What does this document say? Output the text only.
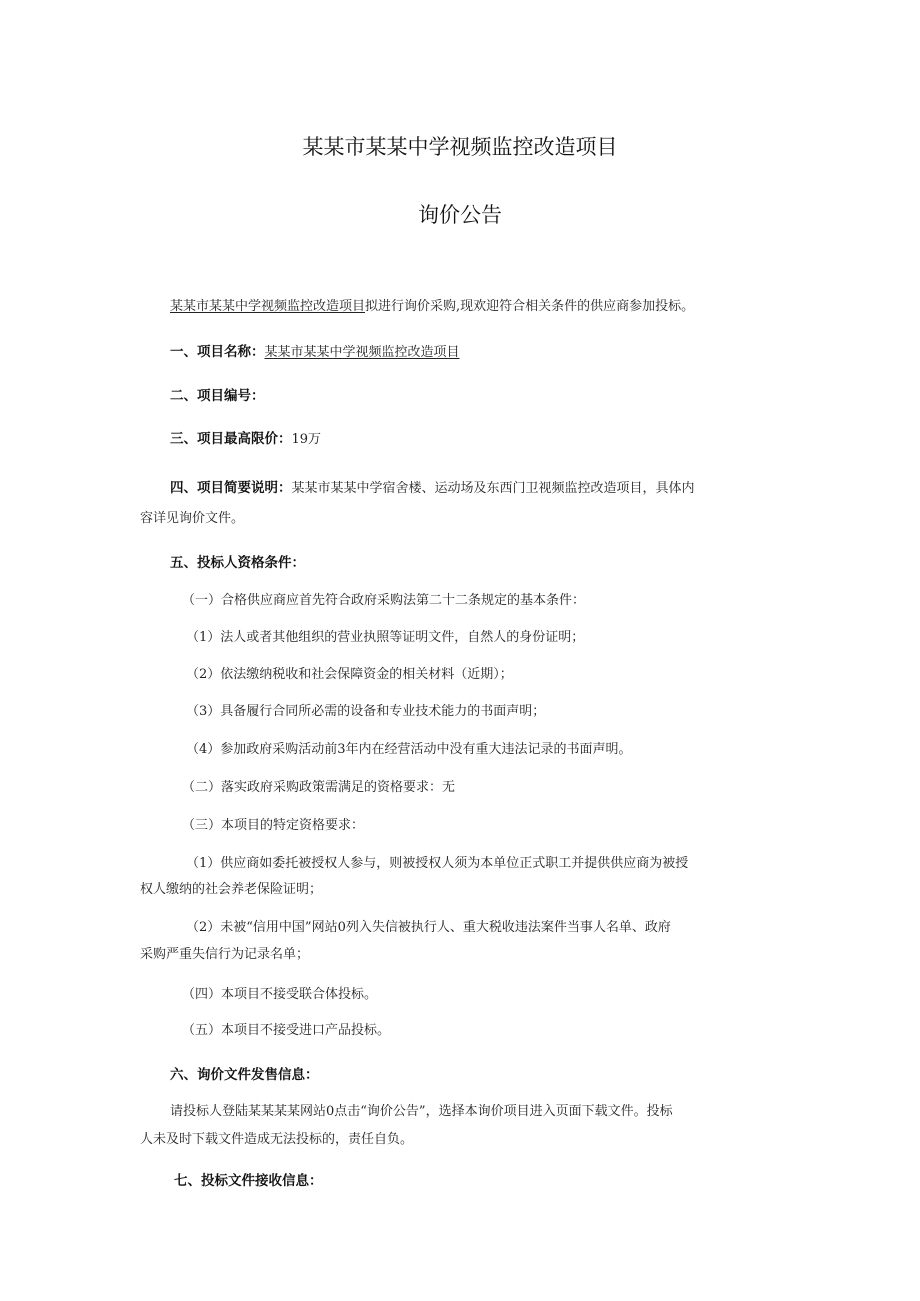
某某市某某中学视频监控改造项目
询价公告
某某市某某中学视频监控改造项目拟进行询价采购,现欢迎符合相关条件的供应商参加投标。
一、项目名称：某某市某某中学视频监控改造项目
二、项目编号：
三、项目最高限价：19万
四、项目简要说明：某某市某某中学宿舍楼、运动场及东西门卫视频监控改造项目，具体内
容详见询价文件。
五、投标人资格条件：
（一）合格供应商应首先符合政府采购法第二十二条规定的基本条件：
（1）法人或者其他组织的营业执照等证明文件，自然人的身份证明；
（2）依法缴纳税收和社会保障资金的相关材料（近期）；
（3）具备履行合同所必需的设备和专业技术能力的书面声明；
（4）参加政府采购活动前3年内在经营活动中没有重大违法记录的书面声明。
（二）落实政府采购政策需满足的资格要求：无
（三）本项目的特定资格要求：
（1）供应商如委托被授权人参与，则被授权人须为本单位正式职工并提供供应商为被授
权人缴纳的社会养老保险证明；
（2）未被“信用中国”网站0列入失信被执行人、重大税收违法案件当事人名单、政府
采购严重失信行为记录名单；
（四）本项目不接受联合体投标。
（五）本项目不接受进口产品投标。
六、询价文件发售信息：
请投标人登陆某某某某网站0点击“询价公告”，选择本询价项目进入页面下载文件。投标
人未及时下载文件造成无法投标的，责任自负。
七、投标文件接收信息：
